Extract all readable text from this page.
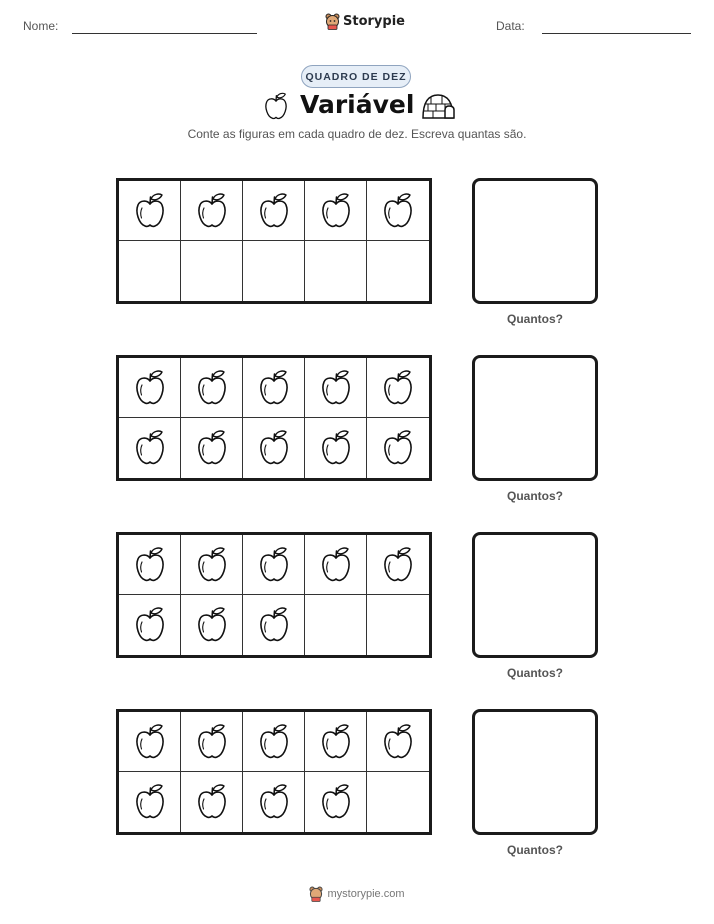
Nome:	Storypie	Data:
QUADRO DE DEZ
Variável
Conte as figuras em cada quadro de dez. Escreva quantas são.
Quantos?
Quantos?
Quantos?
Quantos?
mystorypie.com
